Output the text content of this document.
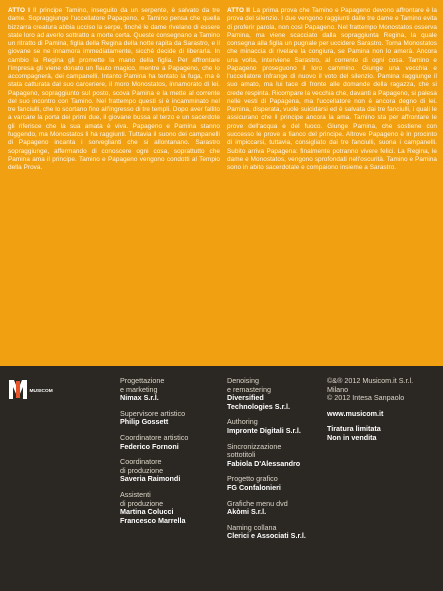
ATTO I Il principe Tamino, inseguito da un serpente, è salvato da tre dame. Sopraggiunge l'uccellatore Papageno, e Tamino pensa che quella bizzarra creatura abbia ucciso la serpe, finché le dame rivelano di essere state loro ad averlo sottratto a morte certa. Queste consegnano a Tamino un ritratto di Pamina, figlia della Regina della notte rapita da Sarastro, e il giovane se ne innamora immediatamente, sicché decide di liberarla. In cambio la Regina gli promette la mano della figlia. Per affrontare l'impresa gli viene donato un flauto magico, mentre a Papageno, che lo accompagnerà, dei campanelli. Intanto Pamina ha tentato la fuga, ma è stata catturata dal suo carceriere, il moro Monostatos, innamorato di lei. Papageno, sopraggiunto sul posto, scova Pamina e la mette al corrente del suo incontro con Tamino. Nel frattempo questi si è incamminato nel tre fanciulli, che lo scortano fino all'ingresso di tre templi. Dopo aver fallito a varcare la porta dei primi due, il giovane bussa al terzo e un sacerdote gli riferisce che la sua amata è viva. Papageno e Pamina stanno fuggendo, ma Monostatos li ha raggiunti. Tuttavia il suono dei campanelli di Papageno incanta i sorveglianti che si allontanano. Sarastro sopraggiunge, affermando di conoscere ogni cosa, soprattutto che Pamina ama il principe. Tamino e Papageno vengono condotti al Tempio della Prova.

ATTO II La prima prova che Tamino e Papageno devono affrontare è la prova del silenzio. I due vengono raggiunti dalle tre dame e Tamino evita di proferir parola, non così Papageno. Nel frattempo Monostatos osserva Pamina, ma viene scacciato dalla sopraggiunta Regina, la quale consegna alla figlia un pugnale per uccidere Sarastro. Torna Monostatos che minaccia di rivelare la congiura, se Pamina non lo amerà. Ancora una volta, interviene Sarastro, al corrente di ogni cosa. Tamino e Papageno proseguono il loro cammino. Giunge una vecchia e l'uccellatore infrange di nuovo il voto del silenzio. Pamina raggiunge il suo amato, ma lui tace di fronte alle domande della ragazza, che si crede respinta. Ricompare la vecchia che, davanti a Papageno, si palesa nelle vesti di Papagena, ma l'uccellatore non è ancora degno di lei. Pamina, disperata, vuole suicidarsi ed è salvata dai tre fanciulli, i quali le assicurano che il principe ancora la ama. Tamino sta per affrontare le prove dell'acqua e del fuoco. Giunge Pamina, che sostiene con successo le prove a fianco del principe. Altrove Papageno è in procinto di impiccarsi, tuttavia, consigliato dai tre fanciulli, suona i campanelli. Subito arriva Papagena: finalmente potranno vivere felici. La Regina, le dame e Monostatos, vengono sprofondati nell'oscurità. Tamino e Pamina sono in abito sacerdotale e compaiono insieme a Sarastro.

MUSICOM
Progettazione
e marketing
Nimax S.r.l.
Supervisore artistico
Philip Gossett
Coordinatore artistico
Federico Fornoni
Coordinatore
di produzione
Saveria Raimondi
Assistenti
di produzione
Martina Colucci
Francesco Marrella
Denoising
e remastering
Diversified
Technologies S.r.l.
Authoring
Impronte Digitali S.r.l.
Sincronizzazione
sottotitoli
Fabiola D'Alessandro
Progetto grafico
FG Confalonieri
Grafiche menu dvd
Akòmi S.r.l.
Naming collana
Clerici e Associati S.r.l.
©&® 2012 Musicom.it S.r.l.
Milano
© 2012 Intesa Sanpaolo
www.musicom.it
Tiratura limitata
Non in vendita
